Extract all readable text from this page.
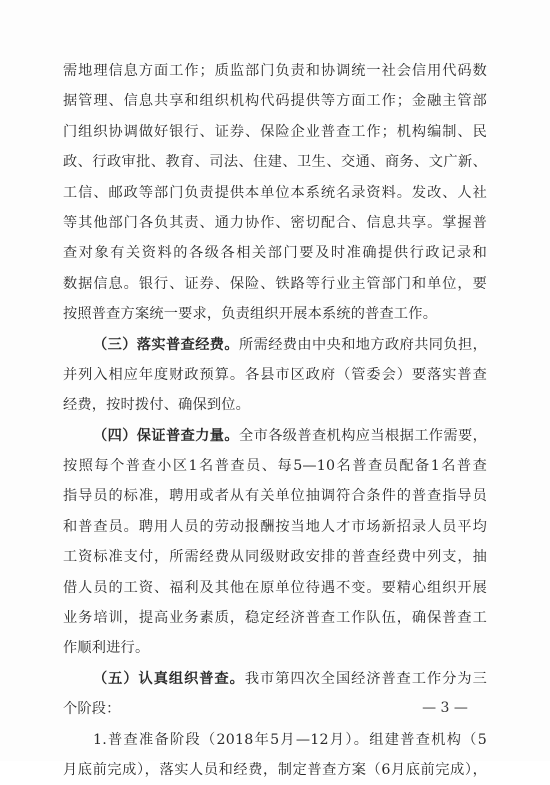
需地理信息方面工作；质监部门负责和协调统一社会信用代码数
据管理、信息共享和组织机构代码提供等方面工作；金融主管部
门组织协调做好银行、证券、保险企业普查工作；机构编制、民
政、行政审批、教育、司法、住建、卫生、交通、商务、文广新、
工信、邮政等部门负责提供本单位本系统名录资料。发改、人社
等其他部门各负其责、通力协作、密切配合、信息共享。掌握普
查对象有关资料的各级各相关部门要及时准确提供行政记录和
数据信息。银行、证券、保险、铁路等行业主管部门和单位，要
按照普查方案统一要求，负责组织开展本系统的普查工作。
（三）落实普查经费。所需经费由中央和地方政府共同负担，
并列入相应年度财政预算。各县市区政府（管委会）要落实普查
经费，按时拨付、确保到位。
（四）保证普查力量。全市各级普查机构应当根据工作需要，
按照每个普查小区1名普查员、每5—10名普查员配备1名普查
指导员的标准，聘用或者从有关单位抽调符合条件的普查指导员
和普查员。聘用人员的劳动报酬按当地人才市场新招录人员平均
工资标准支付，所需经费从同级财政安排的普查经费中列支，抽
借人员的工资、福利及其他在原单位待遇不变。要精心组织开展
业务培训，提高业务素质，稳定经济普查工作队伍，确保普查工
作顺利进行。
（五）认真组织普查。我市第四次全国经济普查工作分为三
个阶段：
1.普查准备阶段（2018年5月—12月）。组建普查机构（5
月底前完成），落实人员和经费，制定普查方案（6月底前完成），
— 3 —
